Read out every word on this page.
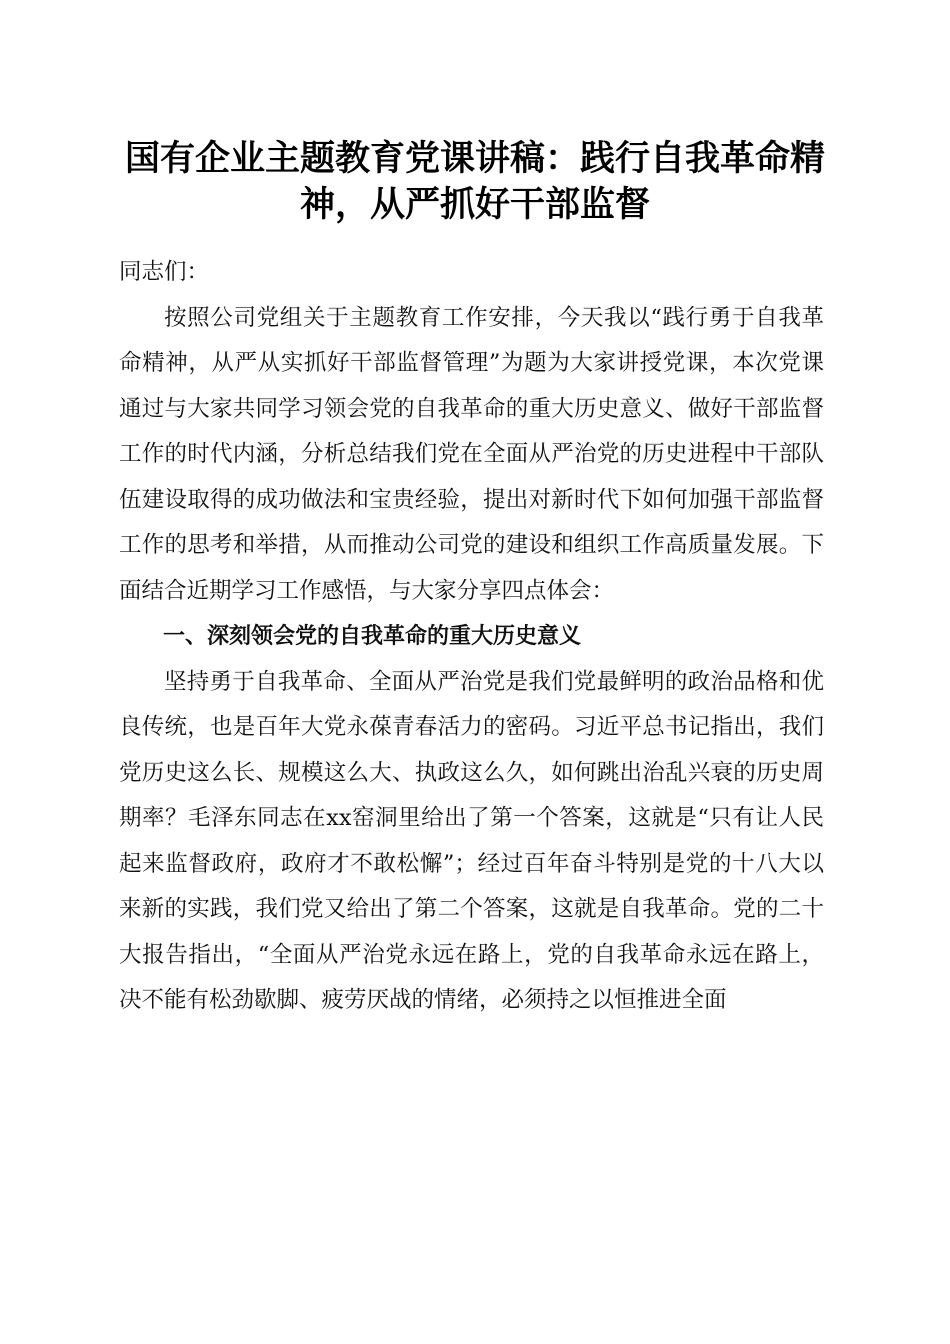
国有企业主题教育党课讲稿：践行自我革命精神，从严抓好干部监督

同志们：

按照公司党组关于主题教育工作安排，今天我以“践行勇于自我革命精神，从严从实抓好干部监督管理”为题为大家讲授党课，本次党课通过与大家共同学习领会党的自我革命的重大历史意义、做好干部监督工作的时代内涵，分析总结我们党在全面从严治党的历史进程中干部队伍建设取得的成功做法和宝贵经验，提出对新时代下如何加强干部监督工作的思考和举措，从而推动公司党的建设和组织工作高质量发展。下面结合近期学习工作感悟，与大家分享四点体会：

一、深刻领会党的自我革命的重大历史意义

坚持勇于自我革命、全面从严治党是我们党最鲜明的政治品格和优良传统，也是百年大党永葆青春活力的密码。习近平总书记指出，我们党历史这么长、规模这么大、执政这么久，如何跳出治乱兴衰的历史周期率？毛泽东同志在xx窑洞里给出了第一个答案，这就是“只有让人民起来监督政府，政府才不敢松懈”；经过百年奋斗特别是党的十八大以来新的实践，我们党又给出了第二个答案，这就是自我革命。党的二十大报告指出，“全面从严治党永远在路上，党的自我革命永远在路上，决不能有松劲歇脚、疲劳厌战的情绪，必须持之以恒推进全面
